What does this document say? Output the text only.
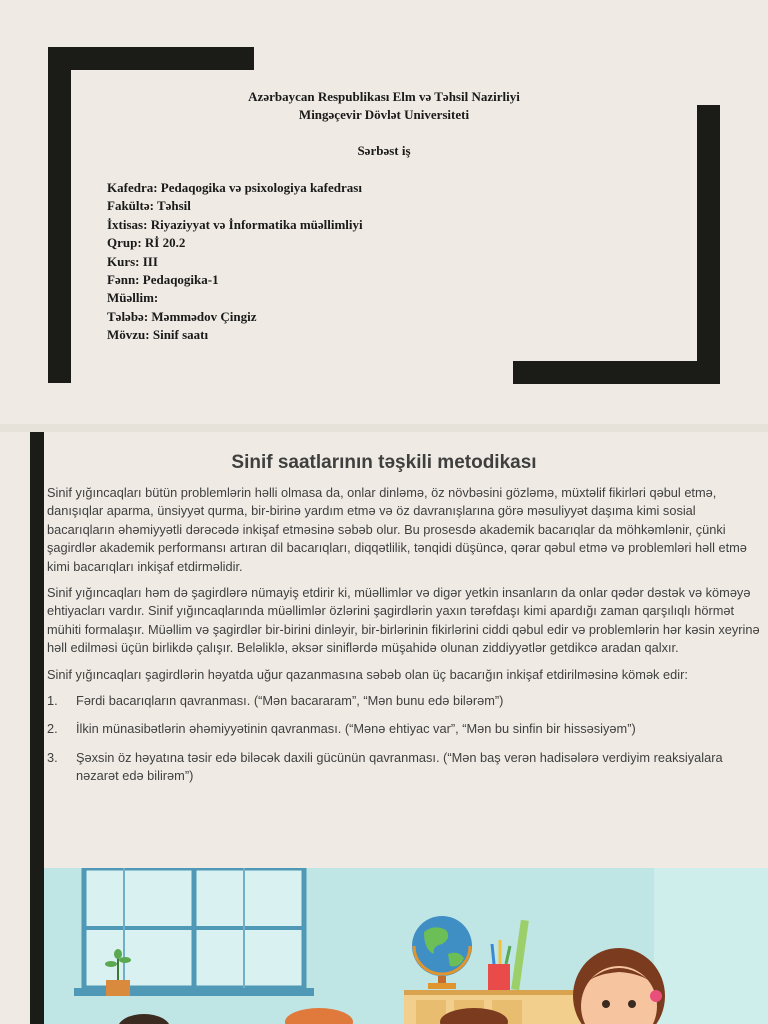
Azərbaycan Respublikası Elm və Təhsil Nazirliyi
Mingəçevir Dövlət Universiteti
Sərbəst iş
Kafedra: Pedaqogika və psixologiya kafedrası
Fakültə: Təhsil
İxtisas: Riyaziyyat və İnformatika müəllimliyi
Qrup: Rİ 20.2
Kurs: III
Fənn: Pedaqogika-1
Müəllim:
Tələbə: Məmmədov Çingiz
Mövzu: Sinif saatı
Sinif saatlarının təşkili metodikası

Sinif yığıncaqları bütün problemlərin həlli olmasa da, onlar dinləmə, öz növbəsini gözləmə, müxtəlif fikirləri qəbul etmə, danışıqlar aparma, ünsiyyət qurma, bir-birinə yardım etmə və öz davranışlarına görə məsuliyyət daşıma kimi sosial bacarıqların əhəmiyyətli dərəcədə inkişaf etməsinə səbəb olur. Bu prosesdə akademik bacarıqlar da möhkəmlənir, çünki şagirdlər akademik performansı artıran dil bacarıqları, diqqətlilik, tənqidi düşüncə, qərar qəbul etmə və problemləri həll etmə kimi bacarıqları inkişaf etdirməlidir.

Sinif yığıncaqları həm də şagirdlərə nümayiş etdirir ki, müəllimlər və digər yetkin insanların da onlar qədər dəstək və köməyə ehtiyacları vardır. Sinif yığıncaqlarında müəllimlər özlərini şagirdlərin yaxın tərəfdaşı kimi apardığı zaman qarşılıqlı hörmət mühiti formalaşır. Müəllim və şagirdlər bir-birini dinləyir, bir-birlərinin fikirlərini ciddi qəbul edir və problemlərin hər kəsin xeyrinə həll edilməsi üçün birlikdə çalışır. Beləliklə, əksər siniflərdə müşahidə olunan ziddiyyətlər getdikcə aradan qalxır.

Sinif yığıncaqları şagirdlərin həyatda uğur qazanmasına səbəb olan üç bacarığın inkişaf etdirilməsinə kömək edir:

1. Fərdi bacarıqların qavranması. (“Mən bacararam”, “Mən bunu edə bilərəm”)
2. İlkin münasibətlərin əhəmiyyətinin qavranması. (“Mənə ehtiyac var”, “Mən bu sinfin bir hissəsiyəm”)
3. Şəxsin öz həyatına təsir edə biləcək daxili gücünün qavranması. (“Mən baş verən hadisələrə verdiyim reaksiyalara nəzarət edə bilirəm”)
